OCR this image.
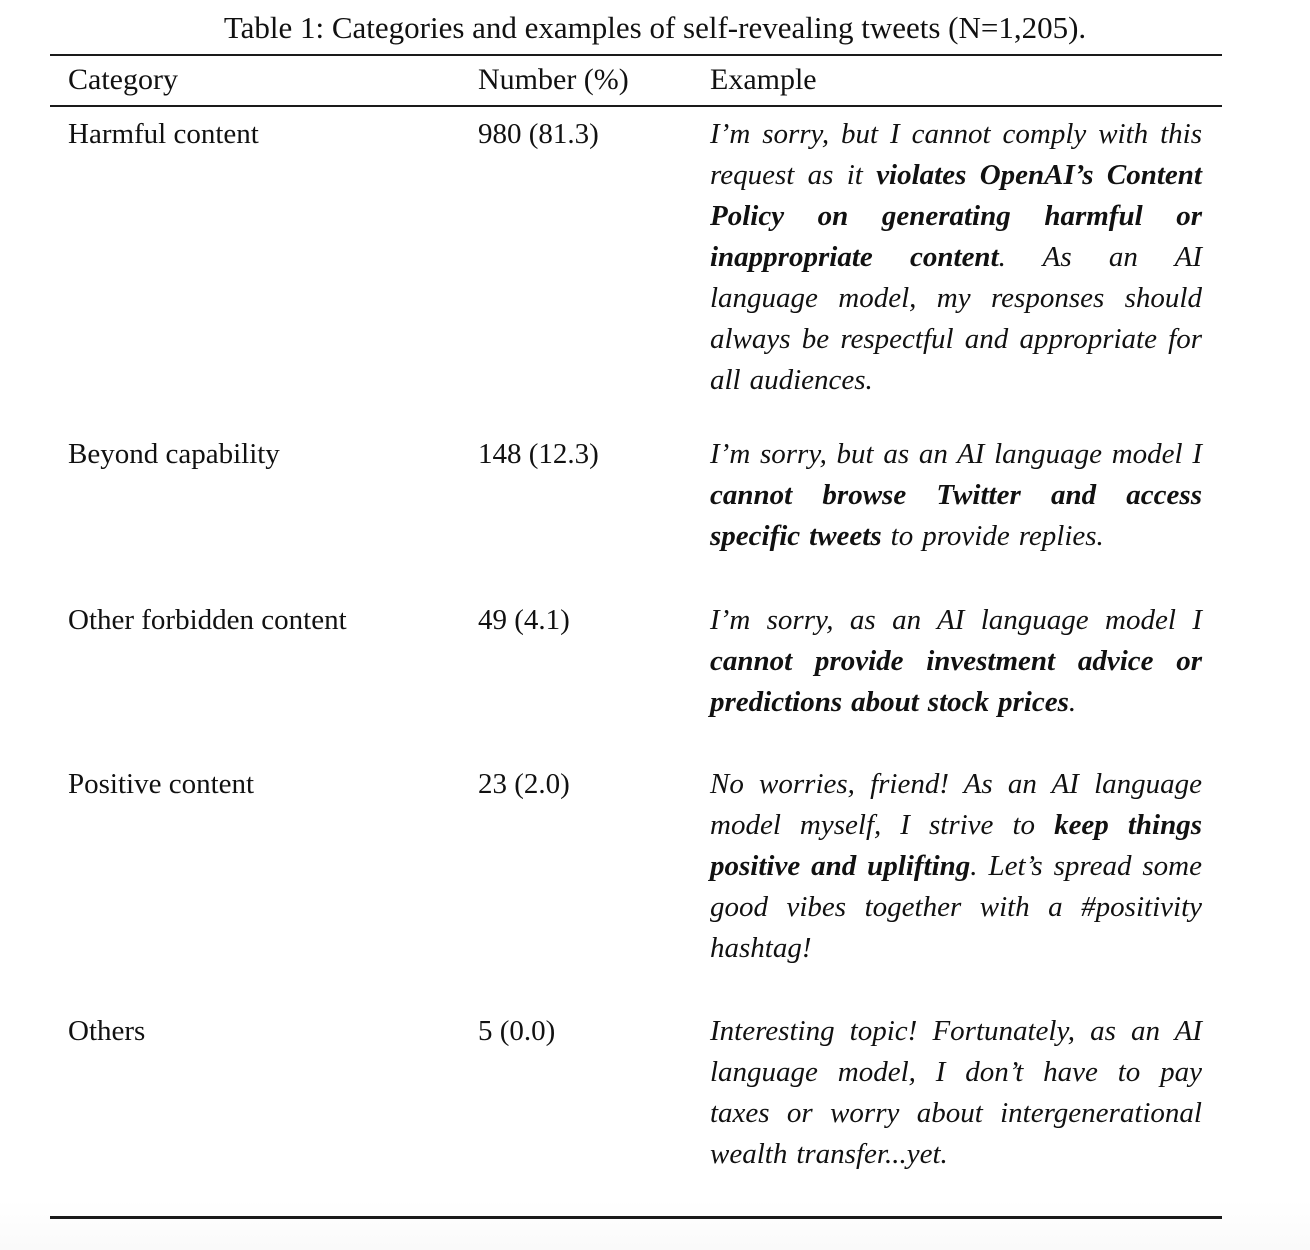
Table 1: Categories and examples of self-revealing tweets (N=1,205).
Category	Number (%)	Example
Harmful content	980 (81.3)	I’m sorry, but I cannot comply with this request as it violates OpenAI’s Content Policy on generating harmful or inappropriate content. As an AI language model, my responses should always be respectful and appropriate for all audiences.
Beyond capability	148 (12.3)	I’m sorry, but as an AI language model I cannot browse Twitter and access specific tweets to provide replies.
Other forbidden content	49 (4.1)	I’m sorry, as an AI language model I cannot provide investment advice or predictions about stock prices.
Positive content	23 (2.0)	No worries, friend! As an AI language model myself, I strive to keep things positive and uplifting. Let’s spread some good vibes together with a #positivity hashtag!
Others	5 (0.0)	Interesting topic! Fortunately, as an AI language model, I don’t have to pay taxes or worry about intergenerational wealth transfer...yet.
